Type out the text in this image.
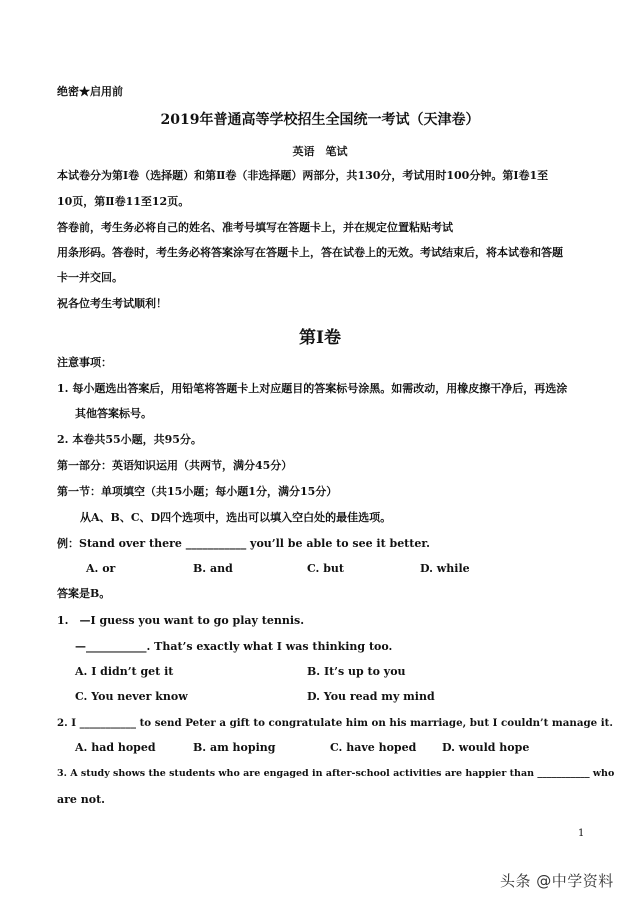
绝密★启用前
2019年普通高等学校招生全国统一考试（天津卷）
英语　笔试
本试卷分为第Ⅰ卷（选择题）和第Ⅱ卷（非选择题）两部分，共130分，考试用时100分钟。第Ⅰ卷1至
10页，第Ⅱ卷11至12页。
答卷前，考生务必将自己的姓名、准考号填写在答题卡上，并在规定位置粘贴考试
用条形码。答卷时，考生务必将答案涂写在答题卡上，答在试卷上的无效。考试结束后，将本试卷和答题
卡一并交回。
祝各位考生考试顺利！
第I卷
注意事项：
1. 每小题选出答案后，用铅笔将答题卡上对应题目的答案标号涂黑。如需改动，用橡皮擦干净后，再选涂
其他答案标号。
2. 本卷共55小题，共95分。
第一部分：英语知识运用（共两节，满分45分）
第一节：单项填空（共15小题；每小题1分，满分15分）
从A、B、C、D四个选项中，选出可以填入空白处的最佳选项。
例：Stand over there ___________ you’ll be able to see it better.
A. or	B. and	C. but	D. while
答案是B。
1.　—I guess you want to go play tennis.
—___________. That’s exactly what I was thinking too.
A. I didn’t get it	B. It’s up to you
C. You never know	D. You read my mind
2. I ___________ to send Peter a gift to congratulate him on his marriage, but I couldn’t manage it.
A. had hoped	B. am hoping	C. have hoped D. would hope
3. A study shows the students who are engaged in after-school activities are happier than ___________ who
are not.
1
头条 @中学资料
